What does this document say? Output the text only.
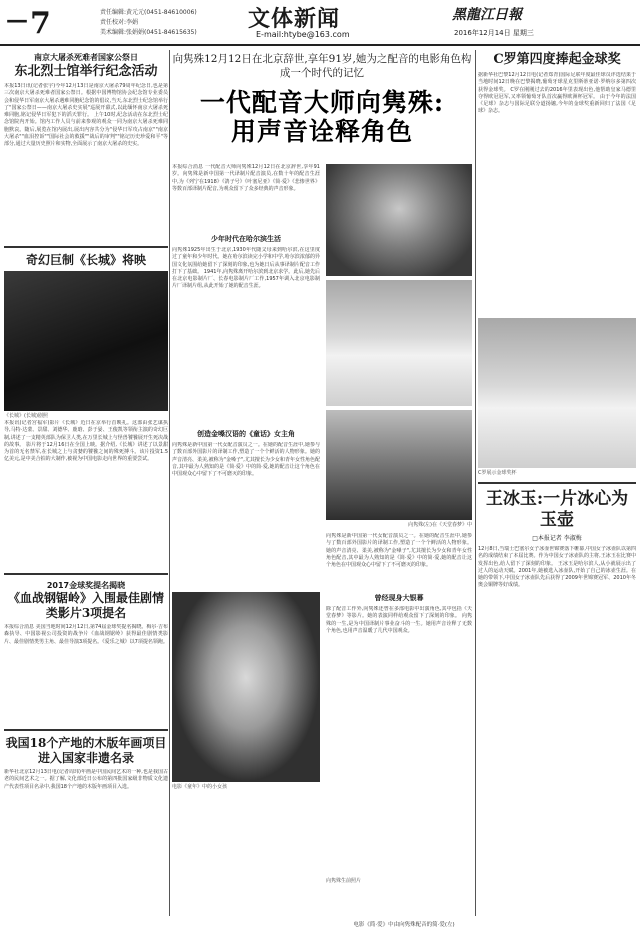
—7	责任编辑:黄元元(0451-84610006)
责任校对:李娟
美术编辑:张娟娟(0451-84615635)
文体新闻
E-mail:htybe@163.com
黑龍江日報
2016年12月14日 星期三
南京大屠杀死难者国家公祭日
东北烈士馆举行纪念活动
本报13日讯(记者张宇)今年12月13日是南京大屠杀79周年纪念日,也是第三次南京大屠杀死难者国家公祭日。根据中国博物馆协会纪念馆专业委员会和侵华日军南京大屠杀遇难同胞纪念馆的倡议,当天,东北烈士纪念馆举行了"国家公祭日——南京大屠杀史实展"巡展开幕式,以此缅怀南京大屠杀死难同胞,铭记侵华日军犯下的滔天罪行。 上午10时,纪念活动在东北烈士纪念馆院内开始。馆内工作人员与前来参观的观众一同为南京大屠杀死难同胞默哀。随后,展览在馆内展出,展出内容共分为"侵华日军攻占南京""南京大屠杀""血泪控诉""国际社会的救援""战后的审判""铭记历史珍爱和平"等部分,通过大量历史照片和实物,全面展示了南京大屠杀的史实。
奇幻巨制《长城》将映
《长城》(长城)剧照
本报讯(记者宫福军)影片《长城》近日在京举行首映礼。这部由张艺谋执导,马特·达蒙、景甜、刘德华、鹿晗、彭于晏、王俊凯等领衔主演的奇幻巨制,讲述了一支精英部队为保卫人类,在万里长城上与怪兽饕餮展开生死决战的故事。 影片将于12月16日在全国上映。据介绍,《长城》讲述了以景甜为首的无名禁军,在长城之上与贪婪的饕餮之间的殊死搏斗。该片投资1.5亿美元,是中美合拍的大制作,被视为中国电影走向世界的重要尝试。
2017金球奖提名揭晓
《血战钢锯岭》入围最佳剧情类影片3项提名
本报综合消息 美国当地时间12月12日,第74届金球奖提名揭晓。梅尔·吉布森执导、中国影视公司投资的战争片《血战钢锯岭》获得最佳剧情类影片、最佳剧情类男主角、最佳导演3项提名。《爱乐之城》以7项提名领跑。
我国18个产地的木版年画项目进入国家非遗名录
新华社北京12月13日电(记者周玮)年画是中国民间艺术的一种,也是我国古老的民间艺术之一。据了解,文化部近日公布的第四批国家级非物质文化遗产代表性项目名录中,我国18个产地的木版年画项目入选。
向隽殊12月12日在北京辞世,享年91岁,她为之配音的电影角色构成一个时代的记忆
一代配音大师向隽殊:
用声音诠释角色
本报综合消息 一代配音大师向隽殊12月12日在北京辞世,享年91岁。向隽殊是新中国第一代译制片配音演员,在数十年的配音生涯中,为《列宁在1918》《鸽子号》《叶塞尼亚》《简·爱》《悲惨世界》等数百部译制片配音,为观众留下了众多经典的声音形象。
少年时代在哈尔滨生活
向隽殊1925年出生于北京,1930年代随父母来到哈尔滨,在这里度过了童年和少年时代。她在哈尔滨读完小学和中学,哈尔滨浓郁的异国文化氛围给她留下了深刻的印象,也为她日后从事译制片配音工作打下了基础。 1941年,向隽殊离开哈尔滨到北京求学。此后,她先后在北京电影制片厂、长春电影制片厂工作,1957年调入北京电影制片厂译制片组,从此开始了她的配音生涯。
创造金嗓汉语的《童话》女主角
向隽殊是新中国第一代女配音演员之一。在她的配音生涯中,她参与了数百部外国影片的译制工作,塑造了一个个鲜活的人物形象。她的声音清亮、柔美,被称为"金嗓子",尤其擅长为少女和青年女性角色配音,其中最为人熟知的是《简·爱》中的简·爱,她的配音让这个角色在中国观众心中留下了不可磨灭的印象。
电影《童年》中的小女孩
向隽殊(左)在《天堂春梦》中
向隽殊是新中国第一代女配音演员之一。在她的配音生涯中,她参与了数百部外国影片的译制工作,塑造了一个个鲜活的人物形象。她的声音清亮、柔美,被称为"金嗓子",尤其擅长为少女和青年女性角色配音,其中最为人熟知的是《简·爱》中的简·爱,她的配音让这个角色在中国观众心中留下了不可磨灭的印象。
曾经现身大银幕
除了配音工作外,向隽殊还曾在多部电影中出演角色,其中包括《天堂春梦》等影片。她的表演同样给观众留下了深刻的印象。 向隽殊的一生,是为中国译制片事业奋斗的一生。她用声音诠释了无数个角色,也用声音温暖了几代中国观众。
向隽殊生前照片
C罗第四度捧起金球奖
据新华社巴黎12月12日电(记者郑青)国际足联年度最佳球员评选结果于当地时间12日晚在巴黎揭晓,葡萄牙球星克里斯蒂亚诺·罗纳尔多第四次获得金球奖。 C罗在刚刚过去的2016年里表现出色,他帮助皇家马德里夺得欧冠冠军,又率领葡萄牙队首次赢得欧洲杯冠军。 由于今年的法国《足球》杂志与国际足联分道扬镳,今年的金球奖重新回归了法国《足球》杂志。
C罗展示金球奖杯
王冰玉:一片冰心为玉壶
□本报记者 李淑梅
12月8日,当瑞士巴塞尔女子冰壶世锦赛落下帷幕,中国女子冰壶队以第四名的成绩结束了本届比赛。作为中国女子冰壶队的主将,王冰玉在比赛中发挥出色,给人留下了深刻的印象。 王冰玉是哈尔滨人,从小就展示出了过人的运动天赋。2001年,她被选入冰壶队,开始了自己的冰壶生涯。在她的带领下,中国女子冰壶队先后获得了2009年世锦赛冠军、2010年冬奥会铜牌等好成绩。
电影《简·爱》中由向隽殊配音的简·爱(左)
